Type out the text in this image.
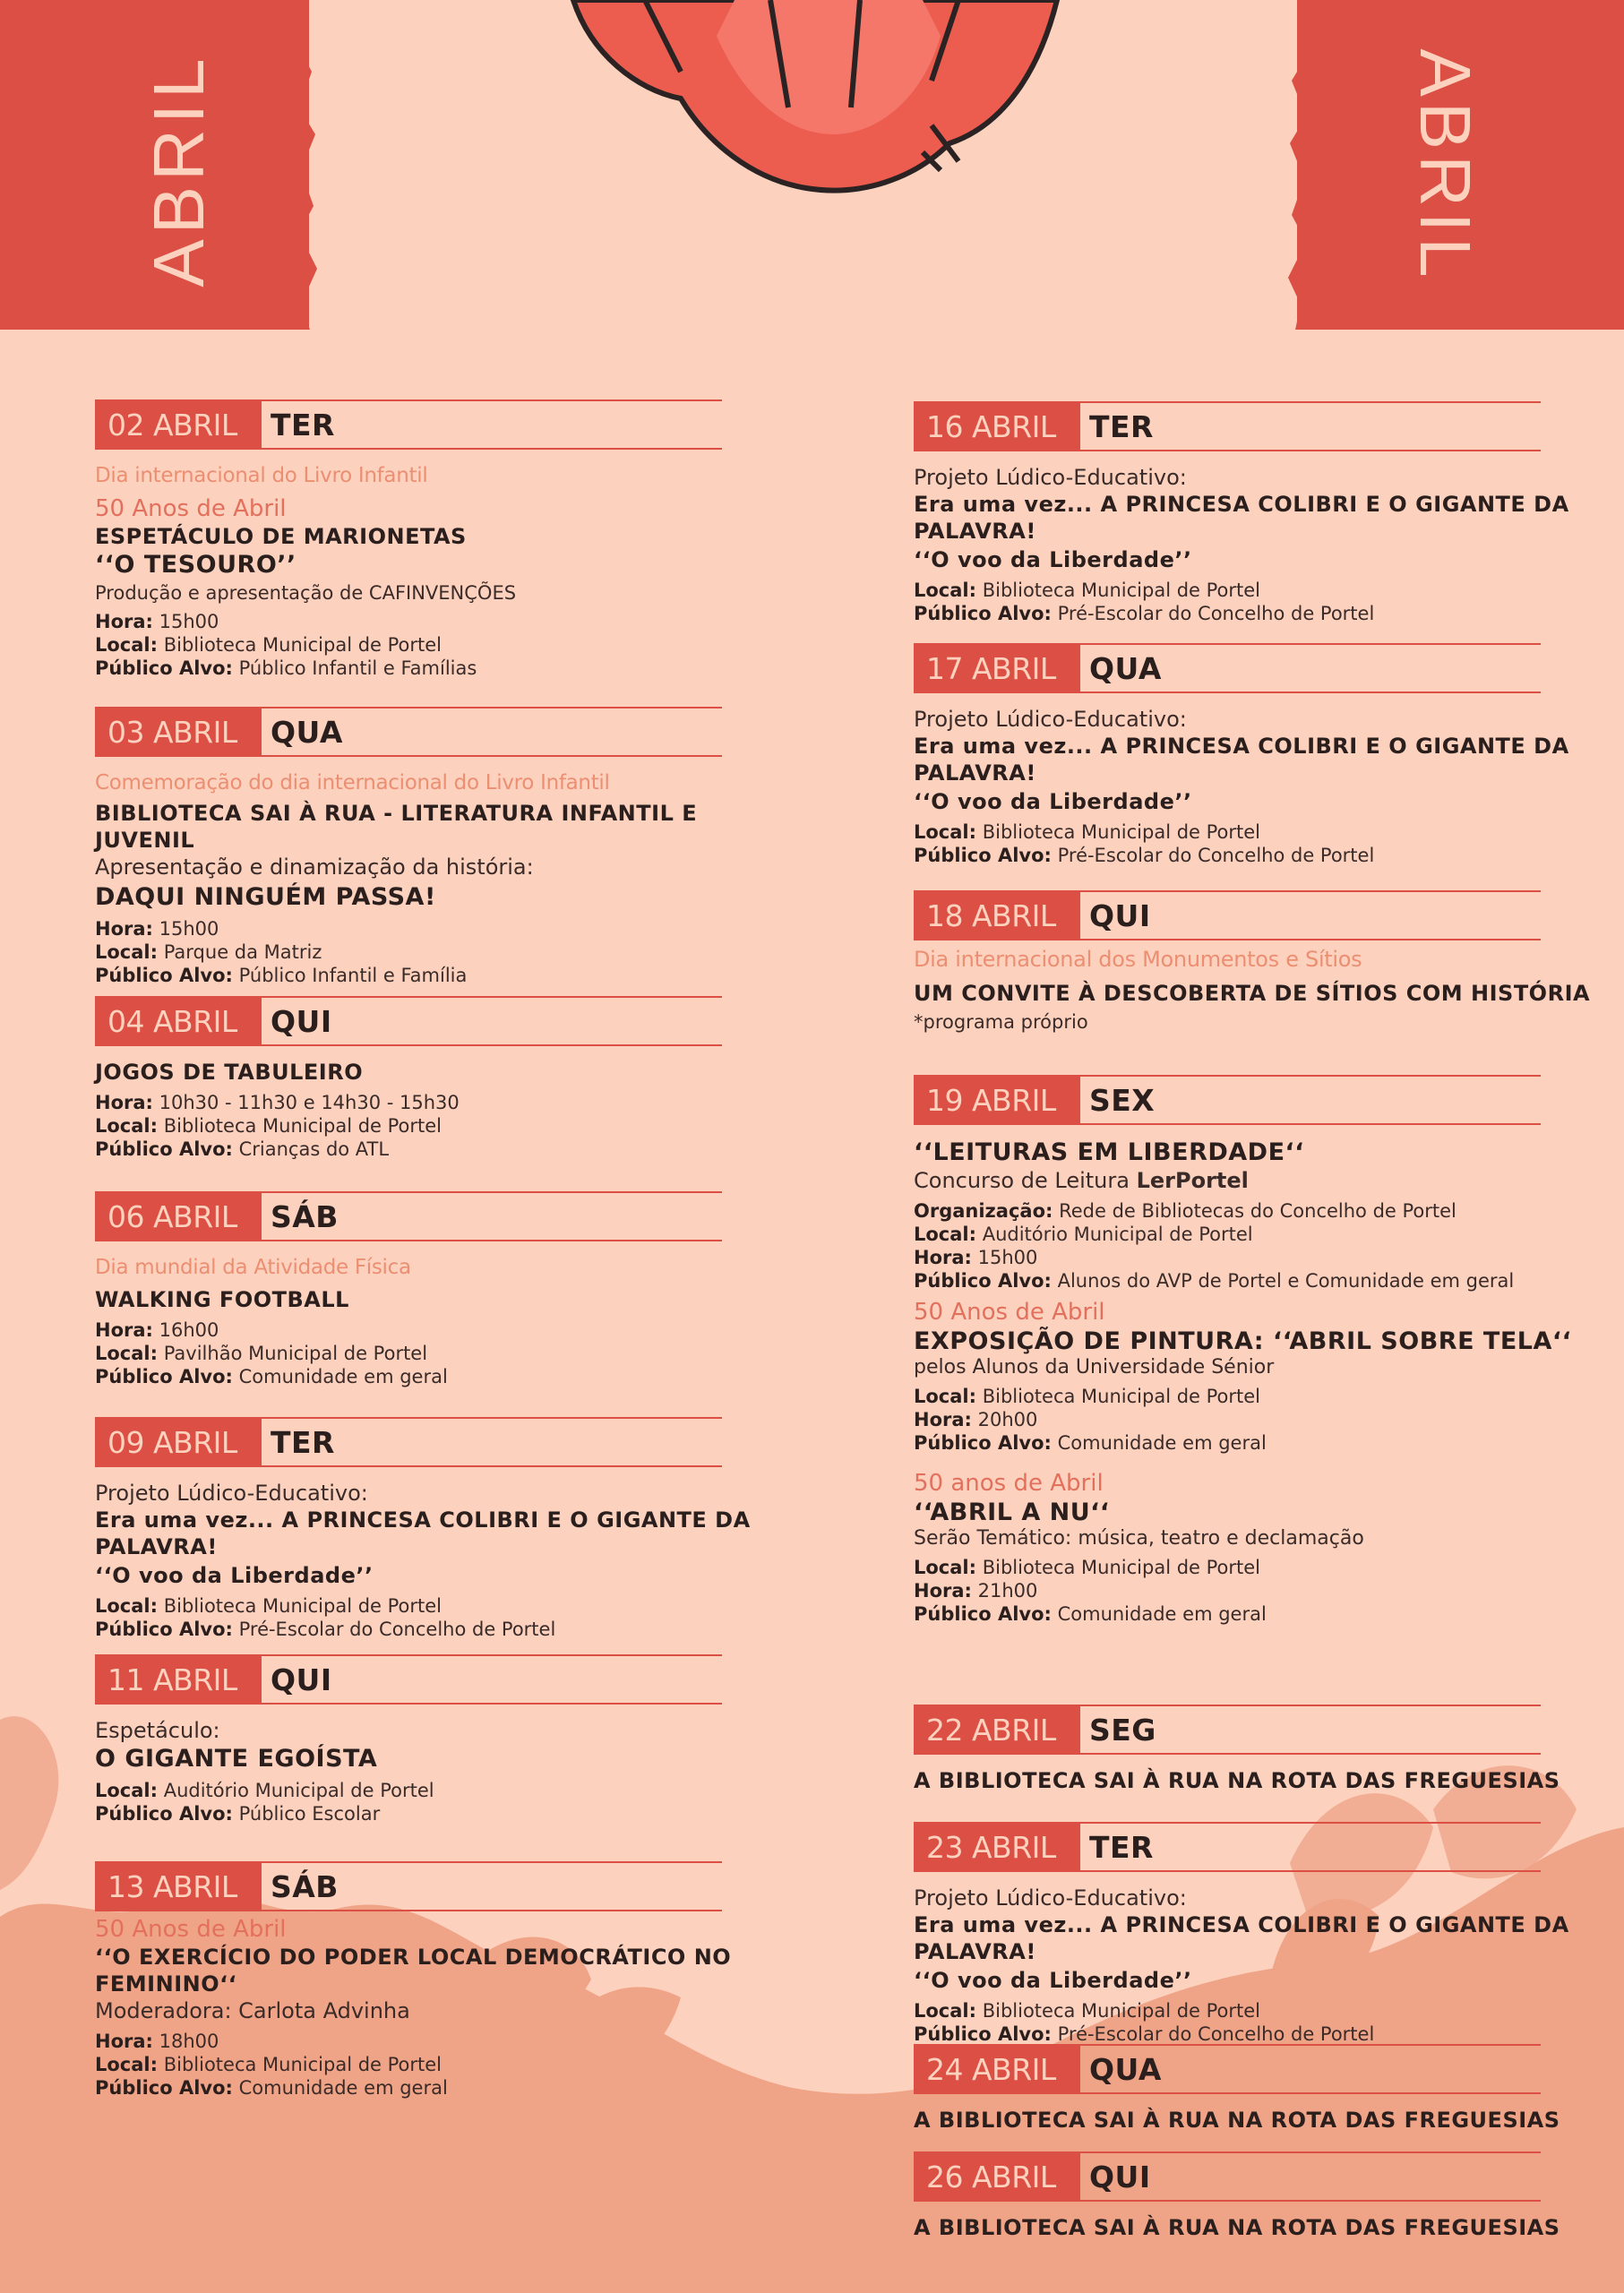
ABRIL	ABRIL
02 ABRIL	TER
Dia internacional do Livro Infantil
50 Anos de Abril
ESPETÁCULO DE MARIONETAS
‘‘O TESOURO’’
Produção e apresentação de CAFINVENÇÕES
Hora: 15h00
Local: Biblioteca Municipal de Portel
Público Alvo: Público Infantil e Famílias
03 ABRIL	QUA
Comemoração do dia internacional do Livro Infantil
BIBLIOTECA SAI À RUA - LITERATURA INFANTIL E JUVENIL
Apresentação e dinamização da história:
DAQUI NINGUÉM PASSA!
Hora: 15h00
Local: Parque da Matriz
Público Alvo: Público Infantil e Família
04 ABRIL	QUI
JOGOS DE TABULEIRO
Hora: 10h30 - 11h30 e 14h30 - 15h30
Local: Biblioteca Municipal de Portel
Público Alvo: Crianças do ATL
06 ABRIL	SÁB
Dia mundial da Atividade Física
WALKING FOOTBALL
Hora: 16h00
Local: Pavilhão Municipal de Portel
Público Alvo: Comunidade em geral
09 ABRIL	TER
Projeto Lúdico-Educativo:
Era uma vez... A PRINCESA COLIBRI E O GIGANTE DA PALAVRA!
‘‘O voo da Liberdade’’
Local: Biblioteca Municipal de Portel
Público Alvo: Pré-Escolar do Concelho de Portel
11 ABRIL	QUI
Espetáculo:
O GIGANTE EGOÍSTA
Local: Auditório Municipal de Portel
Público Alvo: Público Escolar
13 ABRIL	SÁB
50 Anos de Abril
‘‘O EXERCÍCIO DO PODER LOCAL DEMOCRÁTICO NO FEMININO‘‘
Moderadora: Carlota Advinha
Hora: 18h00
Local: Biblioteca Municipal de Portel
Público Alvo: Comunidade em geral
16 ABRIL	TER
Projeto Lúdico-Educativo:
Era uma vez... A PRINCESA COLIBRI E O GIGANTE DA PALAVRA!
‘‘O voo da Liberdade’’
Local: Biblioteca Municipal de Portel
Público Alvo: Pré-Escolar do Concelho de Portel
17 ABRIL	QUA
Projeto Lúdico-Educativo:
Era uma vez... A PRINCESA COLIBRI E O GIGANTE DA PALAVRA!
‘‘O voo da Liberdade’’
Local: Biblioteca Municipal de Portel
Público Alvo: Pré-Escolar do Concelho de Portel
18 ABRIL	QUI
Dia internacional dos Monumentos e Sítios
UM CONVITE À DESCOBERTA DE SÍTIOS COM HISTÓRIA
*programa próprio
19 ABRIL	SEX
‘‘LEITURAS EM LIBERDADE‘‘
Concurso de Leitura LerPortel
Organização: Rede de Bibliotecas do Concelho de Portel
Local: Auditório Municipal de Portel
Hora: 15h00
Público Alvo: Alunos do AVP de Portel e Comunidade em geral
50 Anos de Abril
EXPOSIÇÃO DE PINTURA: ‘‘ABRIL SOBRE TELA‘‘
pelos Alunos da Universidade Sénior
Local: Biblioteca Municipal de Portel
Hora: 20h00
Público Alvo: Comunidade em geral
50 anos de Abril
‘‘ABRIL A NU‘‘
Serão Temático: música, teatro e declamação
Local: Biblioteca Municipal de Portel
Hora: 21h00
Público Alvo: Comunidade em geral
22 ABRIL	SEG
A BIBLIOTECA SAI À RUA NA ROTA DAS FREGUESIAS
23 ABRIL	TER
Projeto Lúdico-Educativo:
Era uma vez... A PRINCESA COLIBRI E O GIGANTE DA PALAVRA!
‘‘O voo da Liberdade’’
Local: Biblioteca Municipal de Portel
Público Alvo: Pré-Escolar do Concelho de Portel
24 ABRIL	QUA
A BIBLIOTECA SAI À RUA NA ROTA DAS FREGUESIAS
26 ABRIL	QUI
A BIBLIOTECA SAI À RUA NA ROTA DAS FREGUESIAS
